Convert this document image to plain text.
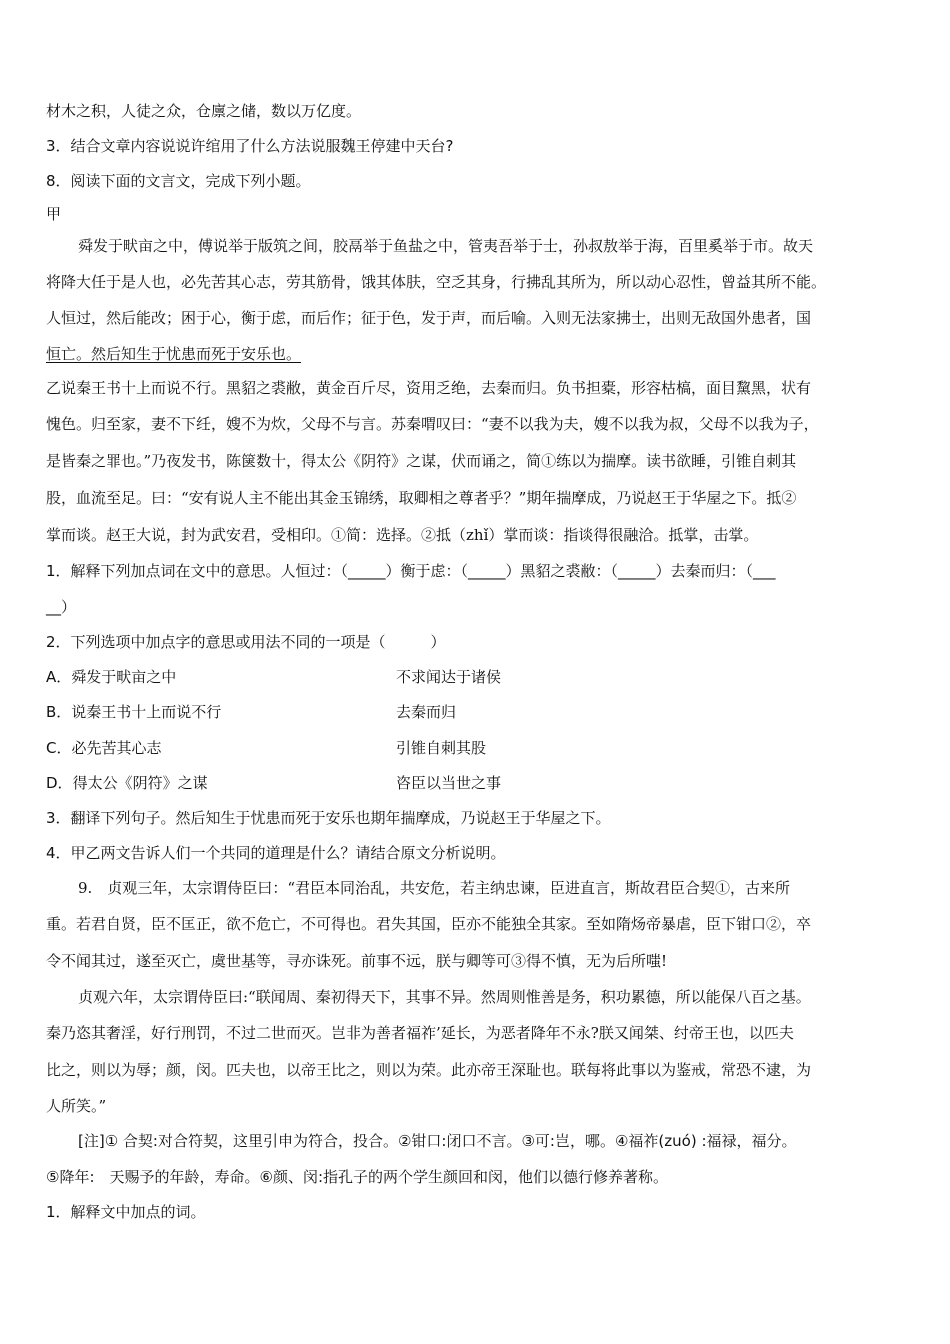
材木之积，人徒之众，仓廪之储，数以万亿度。
3．结合文章内容说说许绾用了什么方法说服魏王停建中天台?
8．阅读下面的文言文，完成下列小题。
甲
舜发于畎亩之中，傅说举于版筑之间，胶鬲举于鱼盐之中，管夷吾举于士，孙叔敖举于海，百里奚举于市。故天
将降大任于是人也，必先苦其心志，劳其筋骨，饿其体肤，空乏其身，行拂乱其所为，所以动心忍性，曾益其所不能。
人恒过，然后能改；困于心，衡于虑，而后作；征于色，发于声，而后喻。入则无法家拂士，出则无敌国外患者，国
恒亡。然后知生于忧患而死于安乐也。
乙说秦王书十上而说不行。黑貂之裘敝，黄金百斤尽，资用乏绝，去秦而归。负书担橐，形容枯槁，面目黧黑，状有
愧色。归至家，妻不下纴，嫂不为炊，父母不与言。苏秦喟叹曰：“妻不以我为夫，嫂不以我为叔，父母不以我为子，
是皆秦之罪也。”乃夜发书，陈箧数十，得太公《阴符》之谋，伏而诵之，简①练以为揣摩。读书欲睡，引锥自刺其
股，血流至足。曰：“安有说人主不能出其金玉锦绣，取卿相之尊者乎？”期年揣摩成，乃说赵王于华屋之下。抵②
掌而谈。赵王大说，封为武安君，受相印。①简：选择。②抵（zhǐ）掌而谈：指谈得很融洽。抵掌，击掌。
1．解释下列加点词在文中的意思。人恒过：（_____）衡于虑：（_____）黑貂之裘敝：（_____）去秦而归：（___
__）
2．下列选项中加点字的意思或用法不同的一项是（　　　）
A．舜发于畎亩之中	不求闻达于诸侯
B．说秦王书十上而说不行	去秦而归
C．必先苦其心志	引锥自刺其股
D．得太公《阴符》之谋	咨臣以当世之事
3．翻译下列句子。然后知生于忧患而死于安乐也期年揣摩成，乃说赵王于华屋之下。
4．甲乙两文告诉人们一个共同的道理是什么？请结合原文分析说明。
9.　贞观三年，太宗谓侍臣曰：“君臣本同治乱，共安危，若主纳忠谏，臣进直言，斯故君臣合契①，古来所
重。若君自贤，臣不匡正，欲不危亡，不可得也。君失其国，臣亦不能独全其家。至如隋炀帝暴虐，臣下钳口②，卒
令不闻其过，遂至灭亡，虞世基等，寻亦诛死。前事不远，朕与卿等可③得不慎，无为后所嗤!
贞观六年，太宗谓侍臣曰:“联闻周、秦初得天下，其事不异。然周则惟善是务，积功累德，所以能保八百之基。
秦乃恣其奢淫，好行刑罚，不过二世而灭。岂非为善者福祚’延长，为恶者降年不永?朕又闻桀、纣帝王也，以匹夫
比之，则以为辱；颜，闵。匹夫也，以帝王比之，则以为荣。此亦帝王深耻也。联每将此事以为鉴戒，常恐不逮，为
人所笑。”
[注]① 合契:对合符契，这里引申为符合，投合。②钳口:闭口不言。③可:岂，哪。④福祚(zuó) :福禄，福分。
⑤降年:　天赐予的年龄，寿命。⑥颜、闵:指孔子的两个学生颜回和闵，他们以德行修养著称。
1．解释文中加点的词。
